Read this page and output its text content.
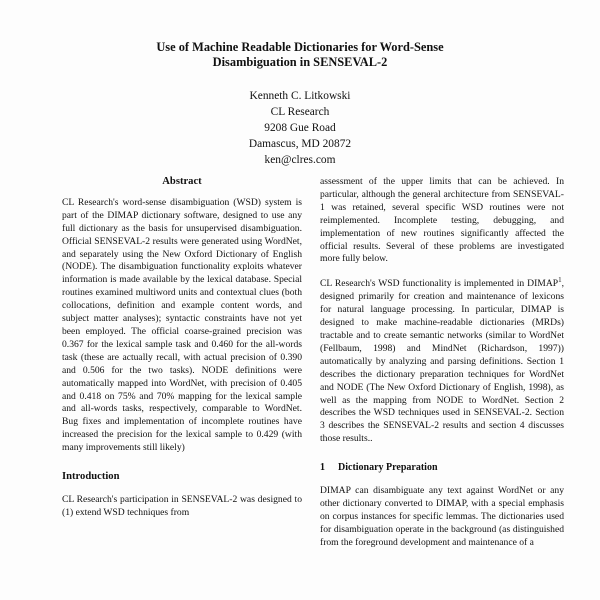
Use of Machine Readable Dictionaries for Word-Sense
Disambiguation in SENSEVAL-2
Kenneth C. Litkowski
CL Research
9208 Gue Road
Damascus, MD 20872
ken@clres.com
Abstract

CL Research's word-sense disambiguation (WSD) system is part of the DIMAP dictionary software, designed to use any full dictionary as the basis for unsupervised disambiguation. Official SENSEVAL-2 results were generated using WordNet, and separately using the New Oxford Dictionary of English (NODE). The disambiguation functionality exploits whatever information is made available by the lexical database. Special routines examined multiword units and contextual clues (both collocations, definition and example content words, and subject matter analyses); syntactic constraints have not yet been employed. The official coarse-grained precision was 0.367 for the lexical sample task and 0.460 for the all-words task (these are actually recall, with actual precision of 0.390 and 0.506 for the two tasks). NODE definitions were automatically mapped into WordNet, with precision of 0.405 and 0.418 on 75% and 70% mapping for the lexical sample and all-words tasks, respectively, comparable to WordNet. Bug fixes and implementation of incomplete routines have increased the precision for the lexical sample to 0.429 (with many improvements still likely)

Introduction

CL Research's participation in SENSEVAL-2 was designed to (1) extend WSD techniques from

assessment of the upper limits that can be achieved. In particular, although the general architecture from SENSEVAL-1 was retained, several specific WSD routines were not reimplemented. Incomplete testing, debugging, and implementation of new routines significantly affected the official results. Several of these problems are investigated more fully below.

CL Research's WSD functionality is implemented in DIMAP$^1$, designed primarily for creation and maintenance of lexicons for natural language processing. In particular, DIMAP is designed to make machine-readable dictionaries (MRDs) tractable and to create semantic networks (similar to WordNet (Fellbaum, 1998) and MindNet (Richardson, 1997)) automatically by analyzing and parsing definitions. Section 1 describes the dictionary preparation techniques for WordNet and NODE (The New Oxford Dictionary of English, 1998), as well as the mapping from NODE to WordNet. Section 2 describes the WSD techniques used in SENSEVAL-2. Section 3 describes the SENSEVAL-2 results and section 4 discusses those results..

1 Dictionary Preparation

DIMAP can disambiguate any text against WordNet or any other dictionary converted to DIMAP, with a special emphasis on corpus instances for specific lemmas. The dictionaries used for disambiguation operate in the background (as distinguished from the foreground development and maintenance of a
